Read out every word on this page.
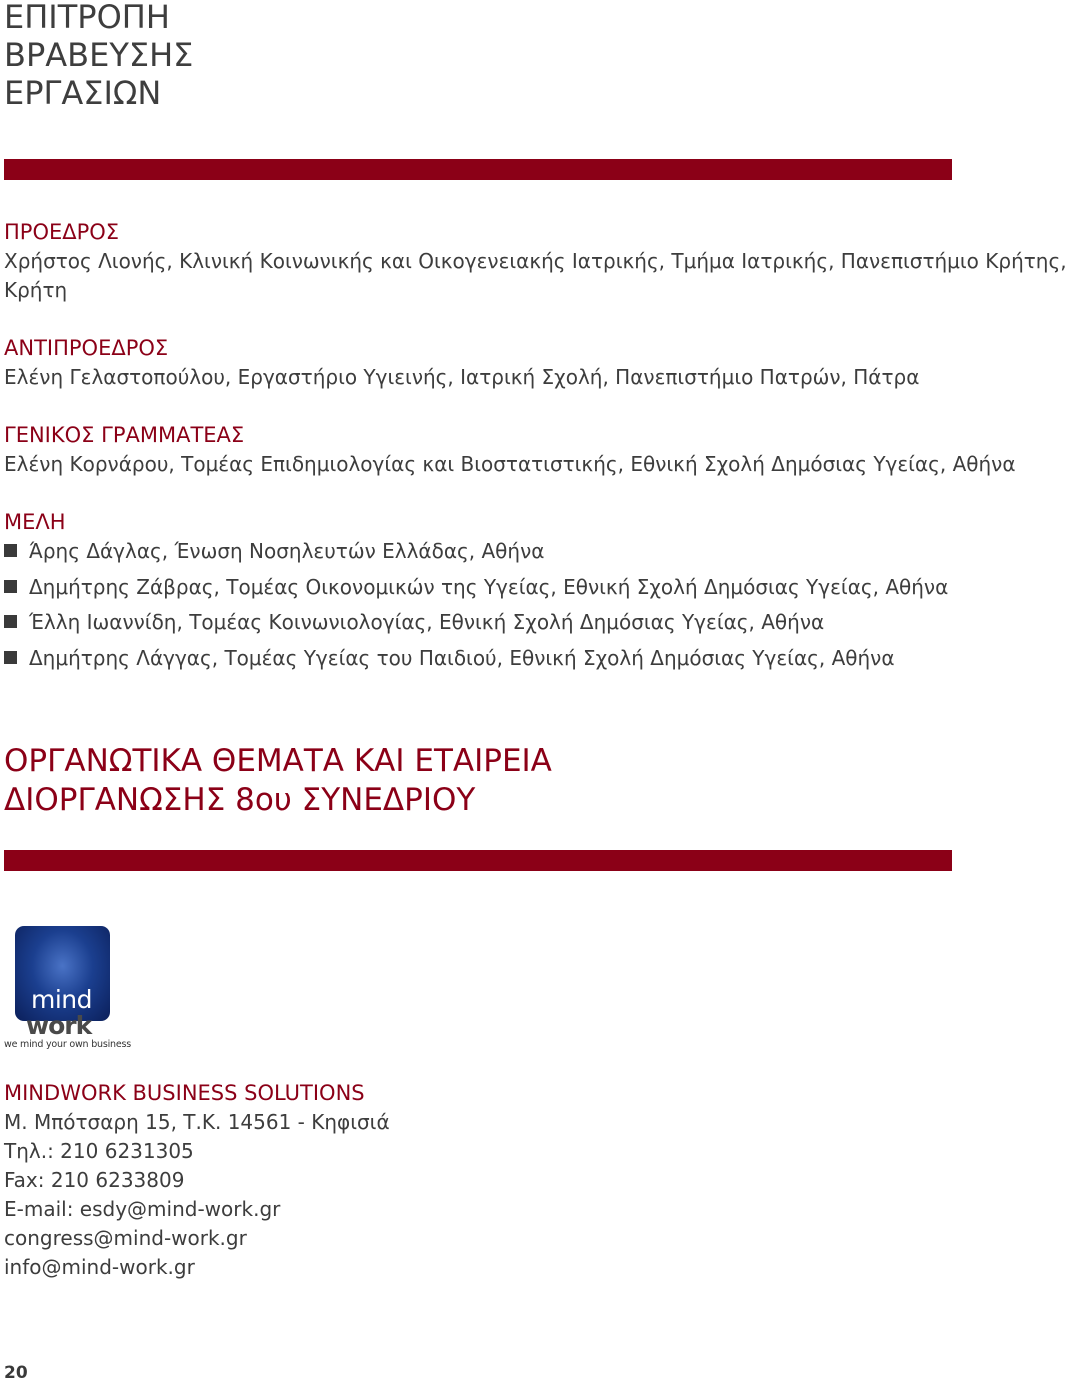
ΕΠΙΤΡΟΠΗ
ΒΡΑΒΕΥΣΗΣ
ΕΡΓΑΣΙΩΝ
ΠΡΟΕΔΡΟΣ
Χρήστος Λιονής, Κλινική Κοινωνικής και Οικογενειακής Ιατρικής, Τμήμα Ιατρικής, Πανεπιστήμιο Κρήτης,
Κρήτη
ΑΝΤΙΠΡΟΕΔΡΟΣ
Ελένη Γελαστοπούλου, Εργαστήριο Υγιεινής, Ιατρική Σχολή, Πανεπιστήμιο Πατρών, Πάτρα
ΓΕΝΙΚΟΣ ΓΡΑΜΜΑΤΕΑΣ
Ελένη Κορνάρου, Τομέας Επιδημιολογίας και Βιοστατιστικής, Εθνική Σχολή Δημόσιας Υγείας, Αθήνα
ΜΕΛΗ
Άρης Δάγλας, Ένωση Νοσηλευτών Ελλάδας, Αθήνα
Δημήτρης Ζάβρας, Τομέας Οικονομικών της Υγείας, Εθνική Σχολή Δημόσιας Υγείας, Αθήνα
Έλλη Ιωαννίδη, Τομέας Κοινωνιολογίας, Εθνική Σχολή Δημόσιας Υγείας, Αθήνα
Δημήτρης Λάγγας, Τομέας Υγείας του Παιδιού, Εθνική Σχολή Δημόσιας Υγείας, Αθήνα
ΟΡΓΑΝΩΤΙΚΑ ΘΕΜΑΤΑ ΚΑΙ ΕΤΑΙΡΕΙΑ
ΔΙΟΡΓΑΝΩΣΗΣ 8ου ΣΥΝΕΔΡΙΟΥ
mind
work
we mind your own business
MINDWORK BUSINESS SOLUTIONS
Μ. Μπότσαρη 15, Τ.Κ. 14561 - Κηφισιά
Τηλ.: 210 6231305
Fax: 210 6233809
E-mail: esdy@mind-work.gr
congress@mind-work.gr
info@mind-work.gr
20
